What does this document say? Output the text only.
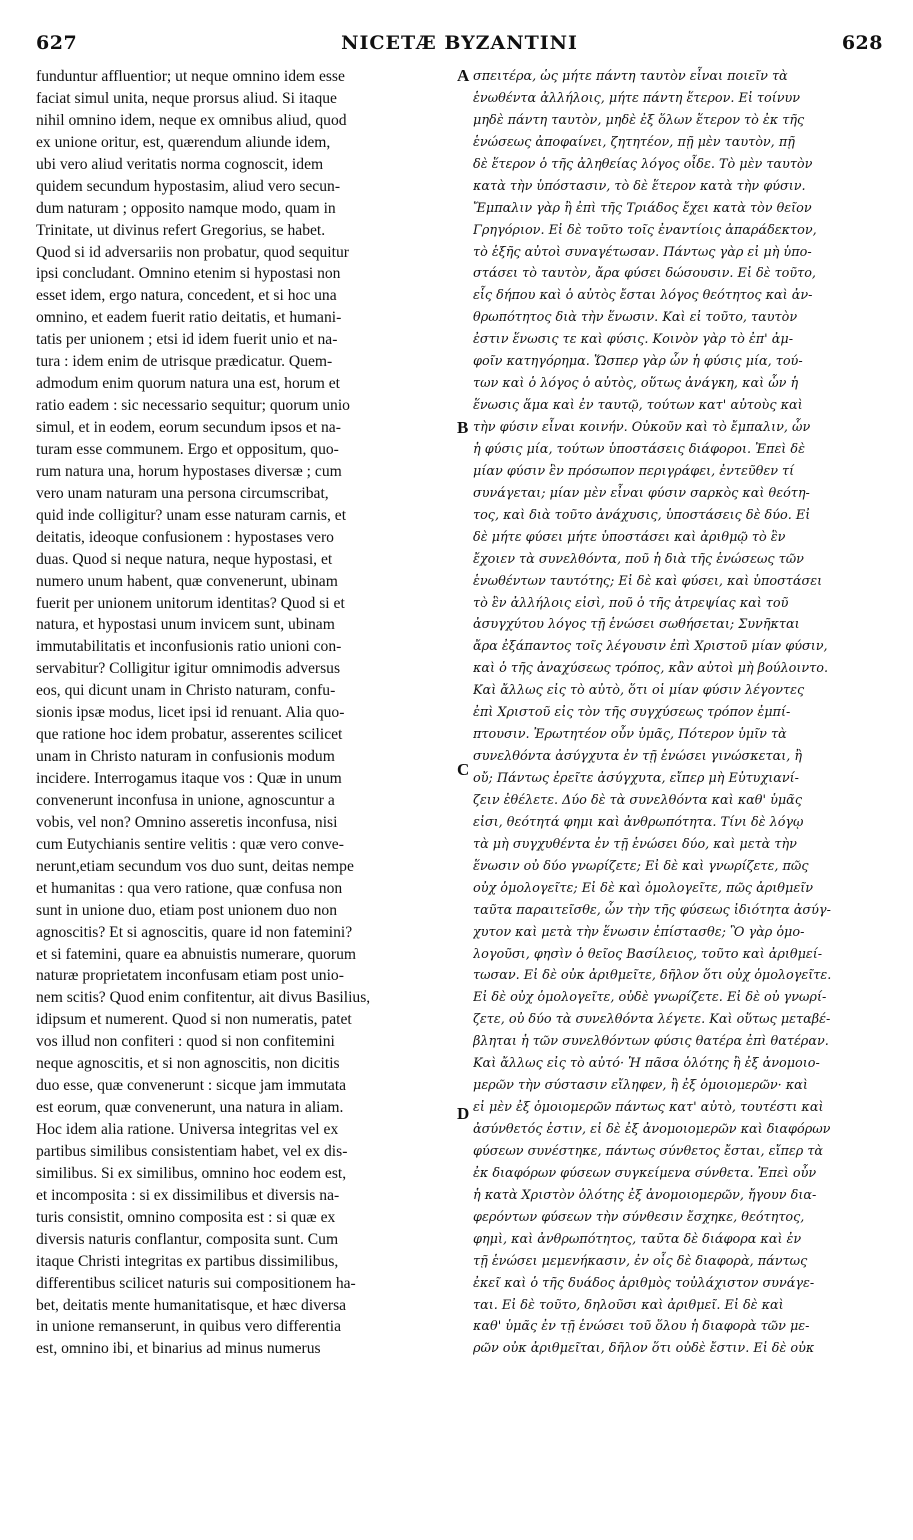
627	NICETÆ BYZANTINI	628
funduntur affluentior; ut neque omnino idem esse
faciat simul unita, neque prorsus aliud. Si itaque
nihil omnino idem, neque ex omnibus aliud, quod
ex unione oritur, est, quærendum aliunde idem,
ubi vero aliud veritatis norma cognoscit, idem
quidem secundum hypostasim, aliud vero secun-
dum naturam ; opposito namque modo, quam in
Trinitate, ut divinus refert Gregorius, se habet.
Quod si id adversariis non probatur, quod sequitur
ipsi concludant. Omnino etenim si hypostasi non
esset idem, ergo natura, concedent, et si hoc una
omnino, et eadem fuerit ratio deitatis, et humani-
tatis per unionem ; etsi id idem fuerit unio et na-
tura : idem enim de utrisque prædicatur. Quem-
admodum enim quorum natura una est, horum et
ratio eadem : sic necessario sequitur; quorum unio
simul, et in eodem, eorum secundum ipsos et na-
turam esse communem. Ergo et oppositum, quo-
rum natura una, horum hypostases diversæ ; cum
vero unam naturam una persona circumscribat,
quid inde colligitur? unam esse naturam carnis, et
deitatis, ideoque confusionem : hypostases vero
duas. Quod si neque natura, neque hypostasi, et
numero unum habent, quæ convenerunt, ubinam
fuerit per unionem unitorum identitas? Quod si et
natura, et hypostasi unum invicem sunt, ubinam
immutabilitatis et inconfusionis ratio unioni con-
servabitur? Colligitur igitur omnimodis adversus
eos, qui dicunt unam in Christo naturam, confu-
sionis ipsæ modus, licet ipsi id renuant. Alia quo-
que ratione hoc idem probatur, asserentes scilicet
unam in Christo naturam in confusionis modum
incidere. Interrogamus itaque vos : Quæ in unum
convenerunt inconfusa in unione, agnoscuntur a
vobis, vel non? Omnino asseretis inconfusa, nisi
cum Eutychianis sentire velitis : quæ vero conve-
nerunt,etiam secundum vos duo sunt, deitas nempe
et humanitas : qua vero ratione, quæ confusa non
sunt in unione duo, etiam post unionem duo non
agnoscitis? Et si agnoscitis, quare id non fatemini?
et si fatemini, quare ea abnuistis numerare, quorum
naturæ proprietatem inconfusam etiam post unio-
nem scitis? Quod enim confitentur, ait divus Basilius,
idipsum et numerent. Quod si non numeratis, patet
vos illud non confiteri : quod si non confitemini
neque agnoscitis, et si non agnoscitis, non dicitis
duo esse, quæ convenerunt : sicque jam immutata
est eorum, quæ convenerunt, una natura in aliam.
Hoc idem alia ratione. Universa integritas vel ex
partibus similibus consistentiam habet, vel ex dis-
similibus. Si ex similibus, omnino hoc eodem est,
et incomposita : si ex dissimilibus et diversis na-
turis consistit, omnino composita est : si quæ ex
diversis naturis conflantur, composita sunt. Cum
itaque Christi integritas ex partibus dissimilibus,
differentibus scilicet naturis sui compositionem ha-
bet, deitatis mente humanitatisque, et hæc diversa
in unione remanserunt, in quibus vero differentia
est, omnino ibi, et binarius ad minus numerus
A
B
C
D
σπειτέρα, ὡς μήτε πάντη ταυτὸν εἶναι ποιεῖν τὰ
ἑνωθέντα ἀλλήλοις, μήτε πάντη ἕτερον. Εἰ τοίνυν
μηδὲ πάντη ταυτὸν, μηδὲ ἐξ ὅλων ἕτερον τὸ ἐκ τῆς
ἑνώσεως ἀποφαίνει, ζητητέον, πῇ μὲν ταυτὸν, πῇ
δὲ ἕτερον ὁ τῆς ἀληθείας λόγος οἶδε. Τὸ μὲν ταυτὸν
κατὰ τὴν ὑπόστασιν, τὸ δὲ ἕτερον κατὰ τὴν φύσιν.
Ἔμπαλιν γὰρ ἢ ἐπὶ τῆς Τριάδος ἔχει κατὰ τὸν θεῖον
Γρηγόριον. Εἰ δὲ τοῦτο τοῖς ἐναντίοις ἀπαράδεκτον,
τὸ ἑξῆς αὐτοὶ συναγέτωσαν. Πάντως γὰρ εἰ μὴ ὑπο-
στάσει τὸ ταυτὸν, ἄρα φύσει δώσουσιν. Εἰ δὲ τοῦτο,
εἷς δήπου καὶ ὁ αὐτὸς ἔσται λόγος θεότητος καὶ ἀν-
θρωπότητος διὰ τὴν ἕνωσιν. Καὶ εἰ τοῦτο, ταυτὸν
ἐστιν ἕνωσις τε καὶ φύσις. Κοινὸν γὰρ τὸ ἐπ' ἀμ-
φοῖν κατηγόρημα. Ὥσπερ γὰρ ὧν ἡ φύσις μία, τού-
των καὶ ὁ λόγος ὁ αὐτὸς, οὕτως ἀνάγκη, καὶ ὧν ἡ
ἕνωσις ἅμα καὶ ἐν ταυτῷ, τούτων κατ' αὐτοὺς καὶ
τὴν φύσιν εἶναι κοινήν. Οὐκοῦν καὶ τὸ ἔμπαλιν, ὧν
ἡ φύσις μία, τούτων ὑποστάσεις διάφοροι. Ἐπεὶ δὲ
μίαν φύσιν ἓν πρόσωπον περιγράφει, ἐντεῦθεν τί
συνάγεται; μίαν μὲν εἶναι φύσιν σαρκὸς καὶ θεότη-
τος, καὶ διὰ τοῦτο ἀνάχυσις, ὑποστάσεις δὲ δύο. Εἰ
δὲ μήτε φύσει μήτε ὑποστάσει καὶ ἀριθμῷ τὸ ἓν
ἔχοιεν τὰ συνελθόντα, ποῦ ἡ διὰ τῆς ἑνώσεως τῶν
ἑνωθέντων ταυτότης; Εἰ δὲ καὶ φύσει, καὶ ὑποστάσει
τὸ ἓν ἀλλήλοις εἰσὶ, ποῦ ὁ τῆς ἀτρεψίας καὶ τοῦ
ἀσυγχύτου λόγος τῇ ἑνώσει σωθήσεται; Συνῆκται
ἄρα ἐξάπαντος τοῖς λέγουσιν ἐπὶ Χριστοῦ μίαν φύσιν,
καὶ ὁ τῆς ἀναχύσεως τρόπος, κἂν αὐτοὶ μὴ βούλοιντο.
Καὶ ἄλλως εἰς τὸ αὐτὸ, ὅτι οἱ μίαν φύσιν λέγοντες
ἐπὶ Χριστοῦ εἰς τὸν τῆς συγχύσεως τρόπον ἐμπί-
πτουσιν. Ἐρωτητέον οὖν ὑμᾶς, Πότερον ὑμῖν τὰ
συνελθόντα ἀσύγχυτα ἐν τῇ ἑνώσει γινώσκεται, ἢ
οὔ; Πάντως ἐρεῖτε ἀσύγχυτα, εἴπερ μὴ Εὐτυχιανί-
ζειν ἐθέλετε. Δύο δὲ τὰ συνελθόντα καὶ καθ' ὑμᾶς
εἰσι, θεότητά φημι καὶ ἀνθρωπότητα. Τίνι δὲ λόγῳ
τὰ μὴ συγχυθέντα ἐν τῇ ἑνώσει δύο, καὶ μετὰ τὴν
ἕνωσιν οὐ δύο γνωρίζετε; Εἰ δὲ καὶ γνωρίζετε, πῶς
οὐχ ὁμολογεῖτε; Εἰ δὲ καὶ ὁμολογεῖτε, πῶς ἀριθμεῖν
ταῦτα παραιτεῖσθε, ὧν τὴν τῆς φύσεως ἰδιότητα ἀσύγ-
χυτον καὶ μετὰ τὴν ἕνωσιν ἐπίστασθε; Ὃ γὰρ ὁμο-
λογοῦσι, φησὶν ὁ θεῖος Βασίλειος, τοῦτο καὶ ἀριθμεί-
τωσαν. Εἰ δὲ οὐκ ἀριθμεῖτε, δῆλον ὅτι οὐχ ὁμολογεῖτε.
Εἰ δὲ οὐχ ὁμολογεῖτε, οὐδὲ γνωρίζετε. Εἰ δὲ οὐ γνωρί-
ζετε, οὐ δύο τὰ συνελθόντα λέγετε. Καὶ οὕτως μεταβέ-
βληται ἡ τῶν συνελθόντων φύσις θατέρα ἐπὶ θατέραν.
Καὶ ἄλλως εἰς τὸ αὐτό· Ἡ πᾶσα ὁλότης ἢ ἐξ ἀνομοιο-
μερῶν τὴν σύστασιν εἴληφεν, ἢ ἐξ ὁμοιομερῶν· καὶ
εἰ μὲν ἐξ ὁμοιομερῶν πάντως κατ' αὐτὸ, τουτέστι καὶ
ἀσύνθετός ἐστιν, εἰ δὲ ἐξ ἀνομοιομερῶν καὶ διαφόρων
φύσεων συνέστηκε, πάντως σύνθετος ἔσται, εἴπερ τὰ
ἐκ διαφόρων φύσεων συγκείμενα σύνθετα. Ἐπεὶ οὖν
ἡ κατὰ Χριστὸν ὁλότης ἐξ ἀνομοιομερῶν, ἤγουν δια-
φερόντων φύσεων τὴν σύνθεσιν ἔσχηκε, θεότητος,
φημὶ, καὶ ἀνθρωπότητος, ταῦτα δὲ διάφορα καὶ ἐν
τῇ ἑνώσει μεμενήκασιν, ἐν οἷς δὲ διαφορὰ, πάντως
ἐκεῖ καὶ ὁ τῆς δυάδος ἀριθμὸς τοὐλάχιστον συνάγε-
ται. Εἰ δὲ τοῦτο, δηλοῦσι καὶ ἀριθμεῖ. Εἰ δὲ καὶ
καθ' ὑμᾶς ἐν τῇ ἑνώσει τοῦ ὅλου ἡ διαφορὰ τῶν με-
ρῶν οὐκ ἀριθμεῖται, δῆλον ὅτι οὐδὲ ἔστιν. Εἰ δὲ οὐκ
